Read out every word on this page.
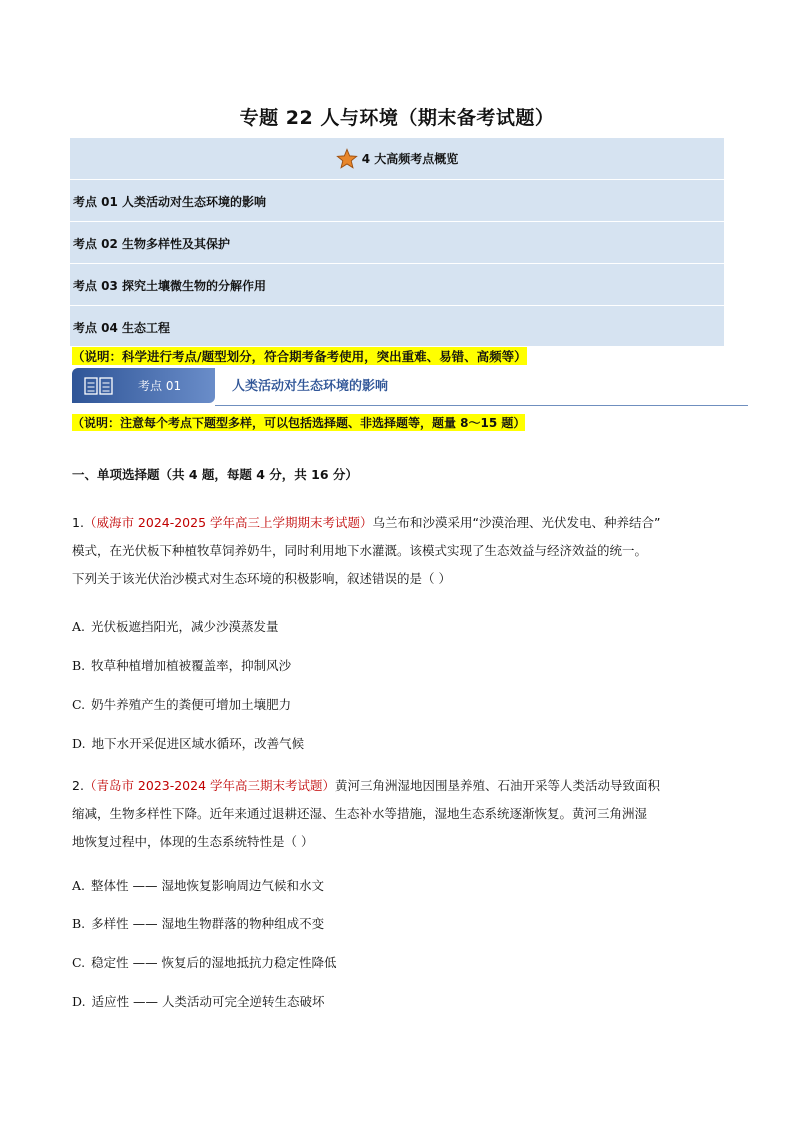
专题 22 人与环境（期末备考试题）
4 大高频考点概览
考点 01 人类活动对生态环境的影响
考点 02 生物多样性及其保护
考点 03 探究土壤微生物的分解作用
考点 04 生态工程
（说明：科学进行考点/题型划分，符合期考备考使用，突出重难、易错、高频等）
考点 01	人类活动对生态环境的影响
（说明：注意每个考点下题型多样，可以包括选择题、非选择题等，题量 8～15 题）
一、单项选择题（共 4 题，每题 4 分，共 16 分）
1.（威海市 2024-2025 学年高三上学期期末考试题）乌兰布和沙漠采用“沙漠治理、光伏发电、种养结合”
模式，在光伏板下种植牧草饲养奶牛，同时利用地下水灌溉。该模式实现了生态效益与经济效益的统一。
下列关于该光伏治沙模式对生态环境的积极影响，叙述错误的是（ ）
A. 光伏板遮挡阳光，减少沙漠蒸发量
B. 牧草种植增加植被覆盖率，抑制风沙
C. 奶牛养殖产生的粪便可增加土壤肥力
D. 地下水开采促进区域水循环，改善气候
2.（青岛市 2023-2024 学年高三期末考试题）黄河三角洲湿地因围垦养殖、石油开采等人类活动导致面积
缩减，生物多样性下降。近年来通过退耕还湿、生态补水等措施，湿地生态系统逐渐恢复。黄河三角洲湿
地恢复过程中，体现的生态系统特性是（ ）
A. 整体性 —— 湿地恢复影响周边气候和水文
B. 多样性 —— 湿地生物群落的物种组成不变
C. 稳定性 —— 恢复后的湿地抵抗力稳定性降低
D. 适应性 —— 人类活动可完全逆转生态破坏
